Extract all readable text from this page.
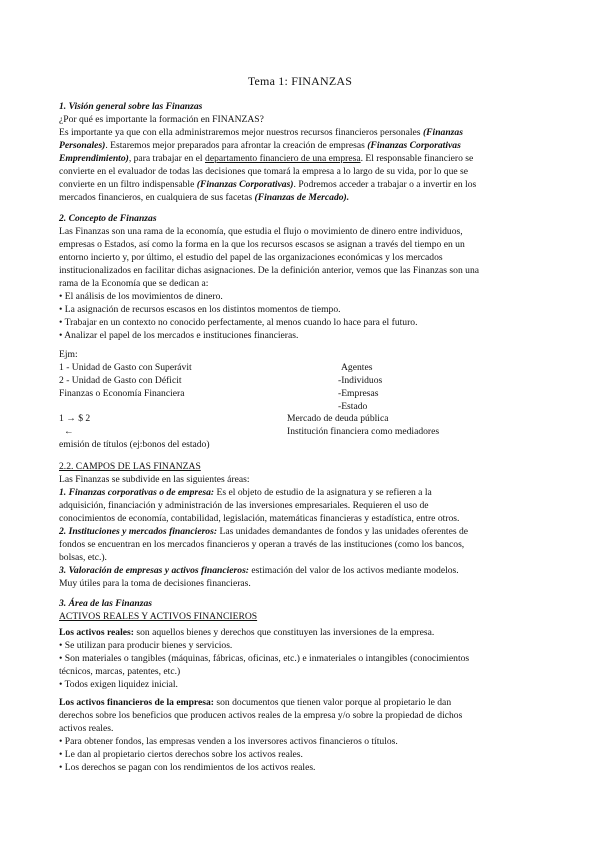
Tema 1: FINANZAS
1. Visión general sobre las Finanzas
¿Por qué es importante la formación en FINANZAS?
Es importante ya que con ella administraremos mejor nuestros recursos financieros personales (Finanzas
Personales). Estaremos mejor preparados para afrontar la creación de empresas (Finanzas Corporativas
Emprendimiento), para trabajar en el departamento financiero de una empresa. El responsable financiero se
convierte en el evaluador de todas las decisiones que tomará la empresa a lo largo de su vida, por lo que se
convierte en un filtro indispensable (Finanzas Corporativas). Podremos acceder a trabajar o a invertir en los
mercados financieros, en cualquiera de sus facetas (Finanzas de Mercado).
2. Concepto de Finanzas
Las Finanzas son una rama de la economía, que estudia el flujo o movimiento de dinero entre individuos,
empresas o Estados, así como la forma en la que los recursos escasos se asignan a través del tiempo en un
entorno incierto y, por último, el estudio del papel de las organizaciones económicas y los mercados
institucionalizados en facilitar dichas asignaciones. De la definición anterior, vemos que las Finanzas son una
rama de la Economía que se dedican a:
• El análisis de los movimientos de dinero.
• La asignación de recursos escasos en los distintos momentos de tiempo.
• Trabajar en un contexto no conocido perfectamente, al menos cuando lo hace para el futuro.
• Analizar el papel de los mercados e instituciones financieras.
Ejm:
1 - Unidad de Gasto con Superávit	Agentes
2 - Unidad de Gasto con Déficit	-Individuos
Finanzas o Economía Financiera	-Empresas
-Estado
1 → $ 2	Mercado de deuda pública
←	Institución financiera como mediadores
emisión de títulos (ej:bonos del estado)
2.2. CAMPOS DE LAS FINANZAS
Las Finanzas se subdivide en las siguientes áreas:
1. Finanzas corporativas o de empresa: Es el objeto de estudio de la asignatura y se refieren a la
adquisición, financiación y administración de las inversiones empresariales. Requieren el uso de
conocimientos de economía, contabilidad, legislación, matemáticas financieras y estadística, entre otros.
2. Instituciones y mercados financieros: Las unidades demandantes de fondos y las unidades oferentes de
fondos se encuentran en los mercados financieros y operan a través de las instituciones (como los bancos,
bolsas, etc.).
3. Valoración de empresas y activos financieros: estimación del valor de los activos mediante modelos.
Muy útiles para la toma de decisiones financieras.
3. Área de las Finanzas
ACTIVOS REALES Y ACTIVOS FINANCIEROS
Los activos reales: son aquellos bienes y derechos que constituyen las inversiones de la empresa.
• Se utilizan para producir bienes y servicios.
• Son materiales o tangibles (máquinas, fábricas, oficinas, etc.) e inmateriales o intangibles (conocimientos
técnicos, marcas, patentes, etc.)
• Todos exigen liquidez inicial.
Los activos financieros de la empresa: son documentos que tienen valor porque al propietario le dan
derechos sobre los beneficios que producen activos reales de la empresa y/o sobre la propiedad de dichos
activos reales.
• Para obtener fondos, las empresas venden a los inversores activos financieros o títulos.
• Le dan al propietario ciertos derechos sobre los activos reales.
• Los derechos se pagan con los rendimientos de los activos reales.
